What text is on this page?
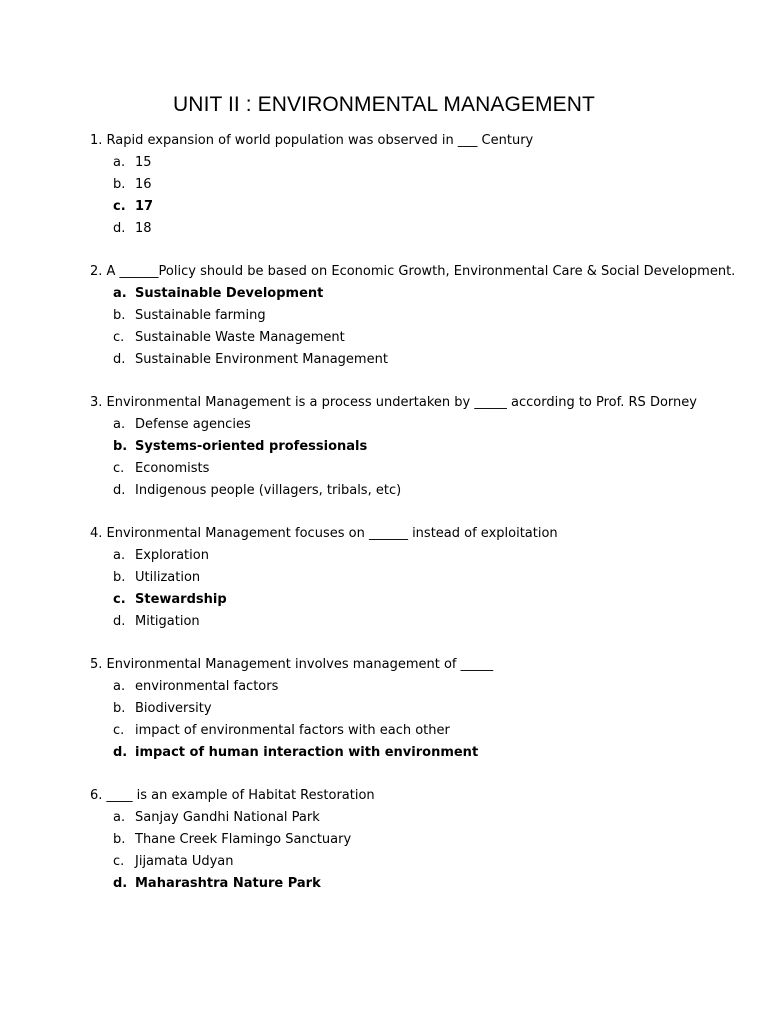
UNIT II : ENVIRONMENTAL MANAGEMENT
1. Rapid expansion of world population was observed in ___ Century
a. 15
b. 16
c. 17
d. 18
2. A ______Policy should be based on Economic Growth, Environmental Care & Social Development.
a. Sustainable Development
b. Sustainable farming
c. Sustainable Waste Management
d. Sustainable Environment Management
3. Environmental Management is a process undertaken by _____ according to Prof. RS Dorney
a. Defense agencies
b. Systems-oriented professionals
c. Economists
d. Indigenous people (villagers, tribals, etc)
4. Environmental Management focuses on ______ instead of exploitation
a. Exploration
b. Utilization
c. Stewardship
d. Mitigation
5. Environmental Management involves management of _____
a. environmental factors
b. Biodiversity
c. impact of environmental factors with each other
d. impact of human interaction with environment
6. ____ is an example of Habitat Restoration
a. Sanjay Gandhi National Park
b. Thane Creek Flamingo Sanctuary
c. Jijamata Udyan
d. Maharashtra Nature Park
